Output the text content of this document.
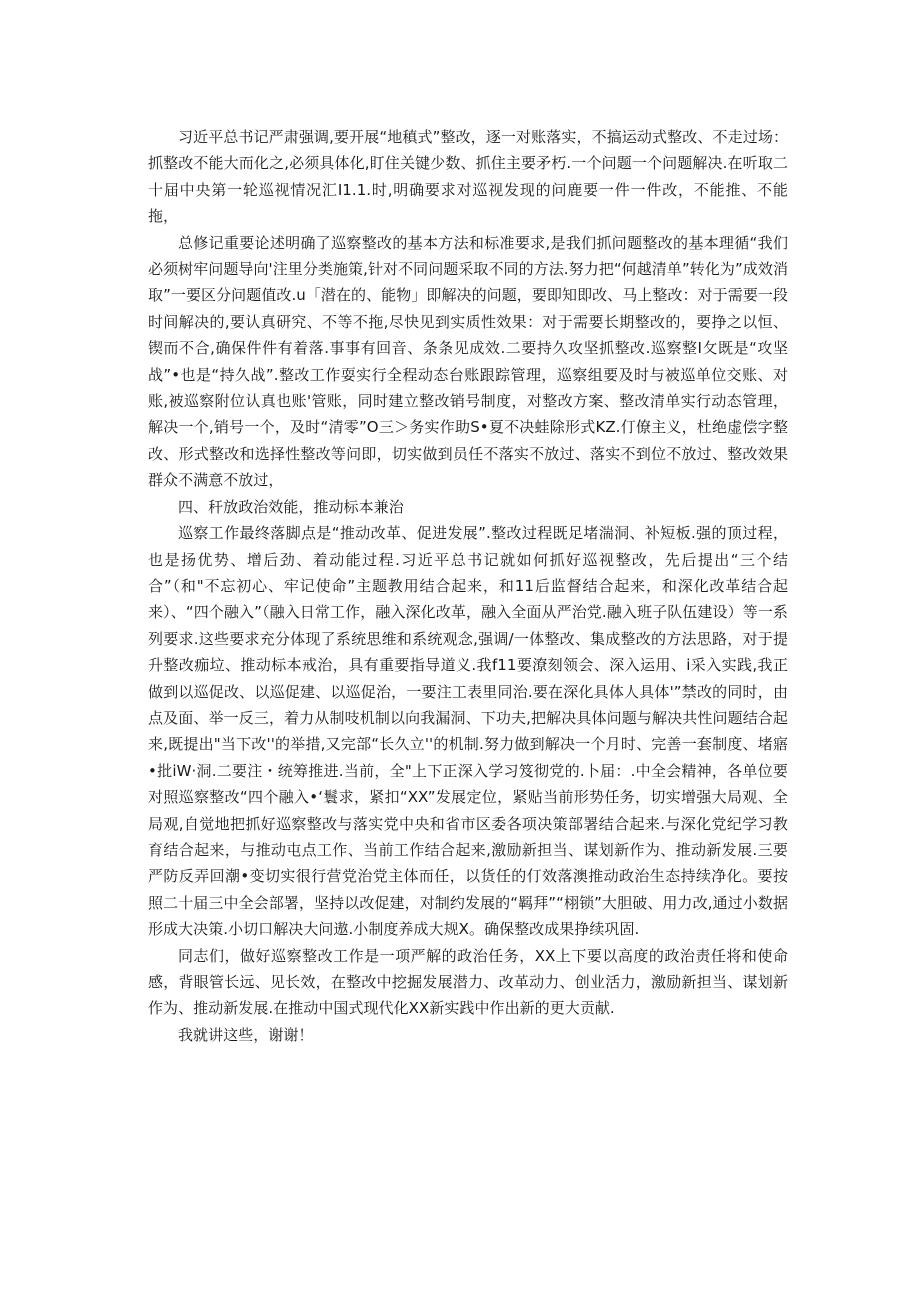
习近平总书记严肃强调,要开展“地稹式”整改，逐一对账落实，不搞运动式整改、不走过场：抓整改不能大而化之,必须具体化,盯住关键少数、抓住主要矛朽.一个问题一个问题解决.在听取二十届中央第一轮巡视情况汇I1.1.时,明确要求对巡视发现的问鹿要一件一件改，不能推、不能拖，

总修记重要论述明确了巡察整改的基本方法和标准要求,是我们抓问题整改的基本理循“我们必须树牢问题导向'注里分类施策,针对不同问题采取不同的方法.努力把“何越清单”转化为”成效消取”一要区分问题值改.u「潜在的、能物」即解决的问题，要即知即改、马上整改：对于需要一段时间解决的,要认真研究、不等不拖,尽快见到实质性效果：对于需要长期整改的，要挣之以恒、锲而不合,确保件件有着落.事事有回音、条条见成效.二要持久攻坚抓整改.巡察整I攵既是“攻坚战”•也是“持久战”.整改工作耍实行全程动态台账跟踪管理，巡察组要及时与被巡单位交账、对账,被巡察附位认真也账'管账，同时建立整改销号制度，对整改方案、整改清单实行动态管理，解决一个,销号一个，及时“清零”O三＞务实作助S•夏不决蛙除形式KZ.仃僚主义，杜绝虚偿字整改、形式整改和选择性整改等问即，切实做到员任不落实不放过、落实不到位不放过、整改效果群众不满意不放过，

四、秆放政治效能，推动标本兼治

巡察工作最终落脚点是“推动改革、促进发展”.整改过程既足堵湍洞、补短板.强的顶过程，也是扬优势、增后劲、着动能过程.习近平总书记就如何抓好巡视整改，先后提出“三个结合”（和"不忘初心、牢记使命”主题教用结合起来，和11后监督结合起来，和深化改革结合起来）、“四个融入”（融入日常工作，融入深化改革，融入全面从严治党.融入班子队伍建设）等一系列要求.这些要求充分体现了系统思维和系统观念,强调/一体整改、集成整改的方法思路，对于提升整改痂垃、推动标本戒治，具有重要指导道义.我f11要潦刻领会、深入运用、i采入实践,我正做到以巡促改、以巡促建、以巡促治，一要注工表里同治.要在深化具体人具体'”禁改的同时，由点及面、举一反三，着力从制吱机制以向我漏洞、下功夫,把解决具体问题与解决共性问题结合起来,既提出"当下改''的举措,又完部“长久立''的机制.努力做到解决一个月时、完善一套制度、堵寤•批iW·洞.二要注・统筹推进.当前，全"上下正深入学习笈彻党的.卜届：.中全会精神，各单位要对照巡察整改“四个融入•‘鬟求，紧扣“XX”发展定位，紧贴当前形势任务，切实增强大局观、全局观,自觉地把抓好巡察整改与落实党中央和省市区委各项决策部署结合起来.与深化党纪学习教育结合起来，与推动屯点工作、当前工作结合起来,激励新担当、谋划新作为、推动新发展.三要严防反弄回潮•变切实很行营党治党主体而任，以货任的仃效落澳推动政治生态持续净化。要按照二十届三中全会部署，坚持以改促建，对制约发展的“羁拜”“栩锁”大胆破、用力改,通过小数据形成大决策.小切口解决大问遨.小制度养成大规X。确保整改成果挣续巩固.

同志们，做好巡察整改工作是一项严解的政治任务，XX上下要以高度的政治责任将和使命感，背眼管长远、见长效，在整改中挖掘发展潜力、改革动力、创业活力，激励新担当、谋划新作为、推动新发展.在推动中国式现代化XX新实践中作出新的更大贡献.

我就讲这些，谢谢！
